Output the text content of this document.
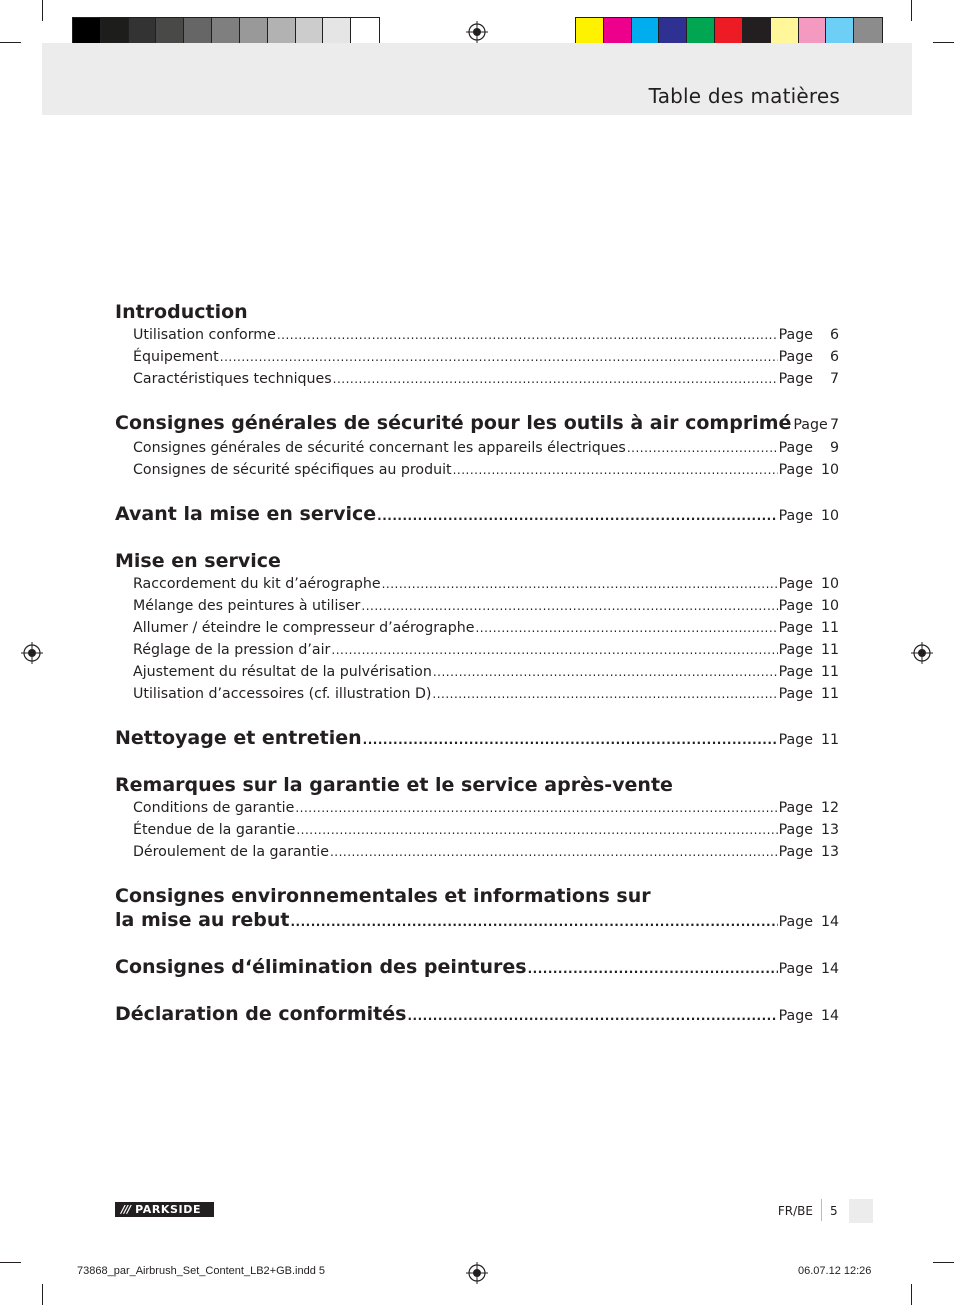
Table des matières
Introduction
Utilisation conforme .....	Page	6
Équipement .....	Page	6
Caractéristiques techniques .....	Page	7
Consignes générales de sécurité pour les outils à air comprimé Page 7
Consignes générales de sécurité concernant les appareils électriques .....	Page	9
Consignes de sécurité spécifiques au produit .....	Page 10
Avant la mise en service .....	Page 10
Mise en service
Raccordement du kit d’aérographe .....	Page 10
Mélange des peintures à utiliser .....	Page 10
Allumer / éteindre le compresseur d’aérographe .....	Page 11
Réglage de la pression d’air .....	Page 11
Ajustement du résultat de la pulvérisation .....	Page 11
Utilisation d’accessoires (cf. illustration D) .....	Page 11
Nettoyage et entretien .....	Page 11
Remarques sur la garantie et le service après-vente
Conditions de garantie .....	Page 12
Étendue de la garantie .....	Page 13
Déroulement de la garantie .....	Page 13
Consignes environnementales et informations sur
la mise au rebut .....	Page 14
Consignes d‘élimination des peintures .....	Page 14
Déclaration de conformités .....	Page 14
/// PARKSIDE	FR/BE 5
73868_par_Airbrush_Set_Content_LB2+GB.indd 5	06.07.12 12:26
